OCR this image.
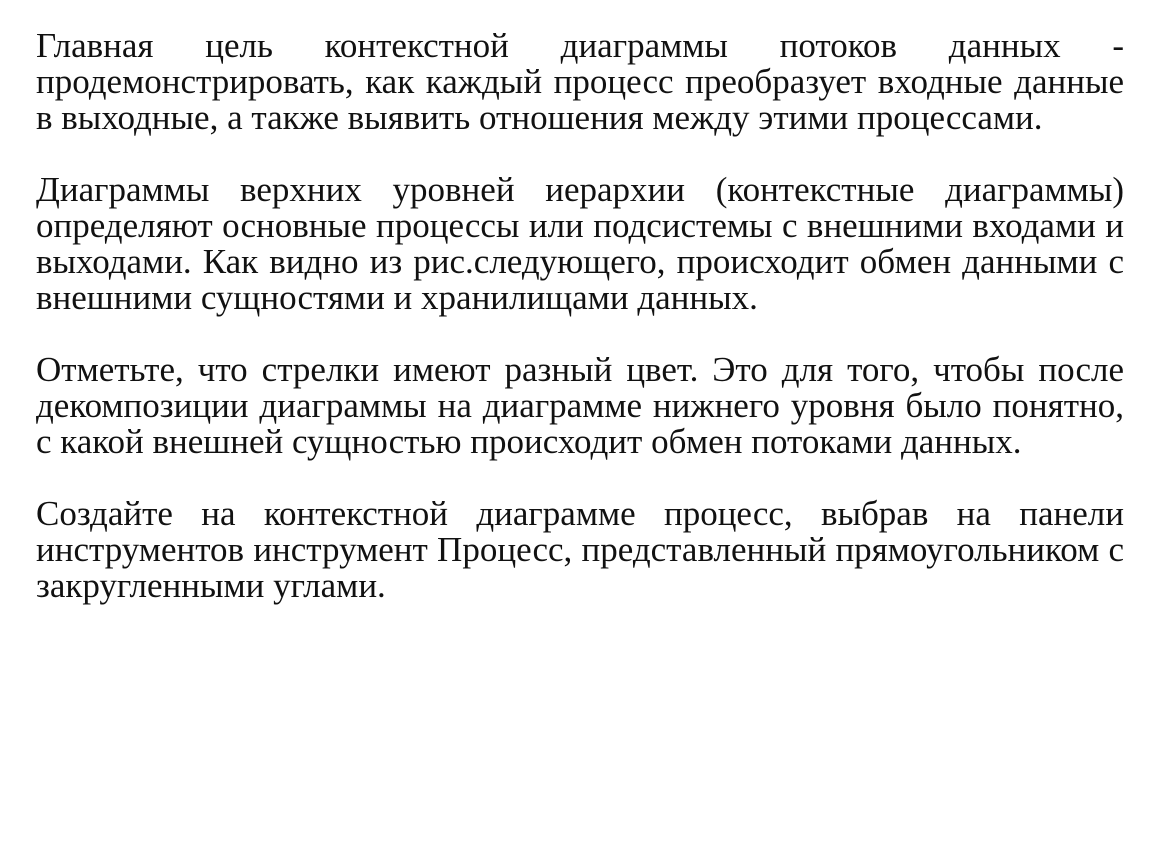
Главная цель контекстной диаграммы потоков данных - продемонстрировать, как каждый процесс преобразует входные данные в выходные, а также выявить отношения между этими процессами.

Диаграммы верхних уровней иерархии (контекстные диаграммы) определяют основные процессы или подсистемы с внешними входами и выходами. Как видно из рис.следующего, происходит обмен данными с внешними сущностями и хранилищами данных.

Отметьте, что стрелки имеют разный цвет. Это для того, чтобы после декомпозиции диаграммы на диаграмме нижнего уровня было понятно, с какой внешней сущностью происходит обмен потоками данных.

Создайте на контекстной диаграмме процесс, выбрав на панели инструментов инструмент Процесс, представленный прямоугольником с закругленными углами.
